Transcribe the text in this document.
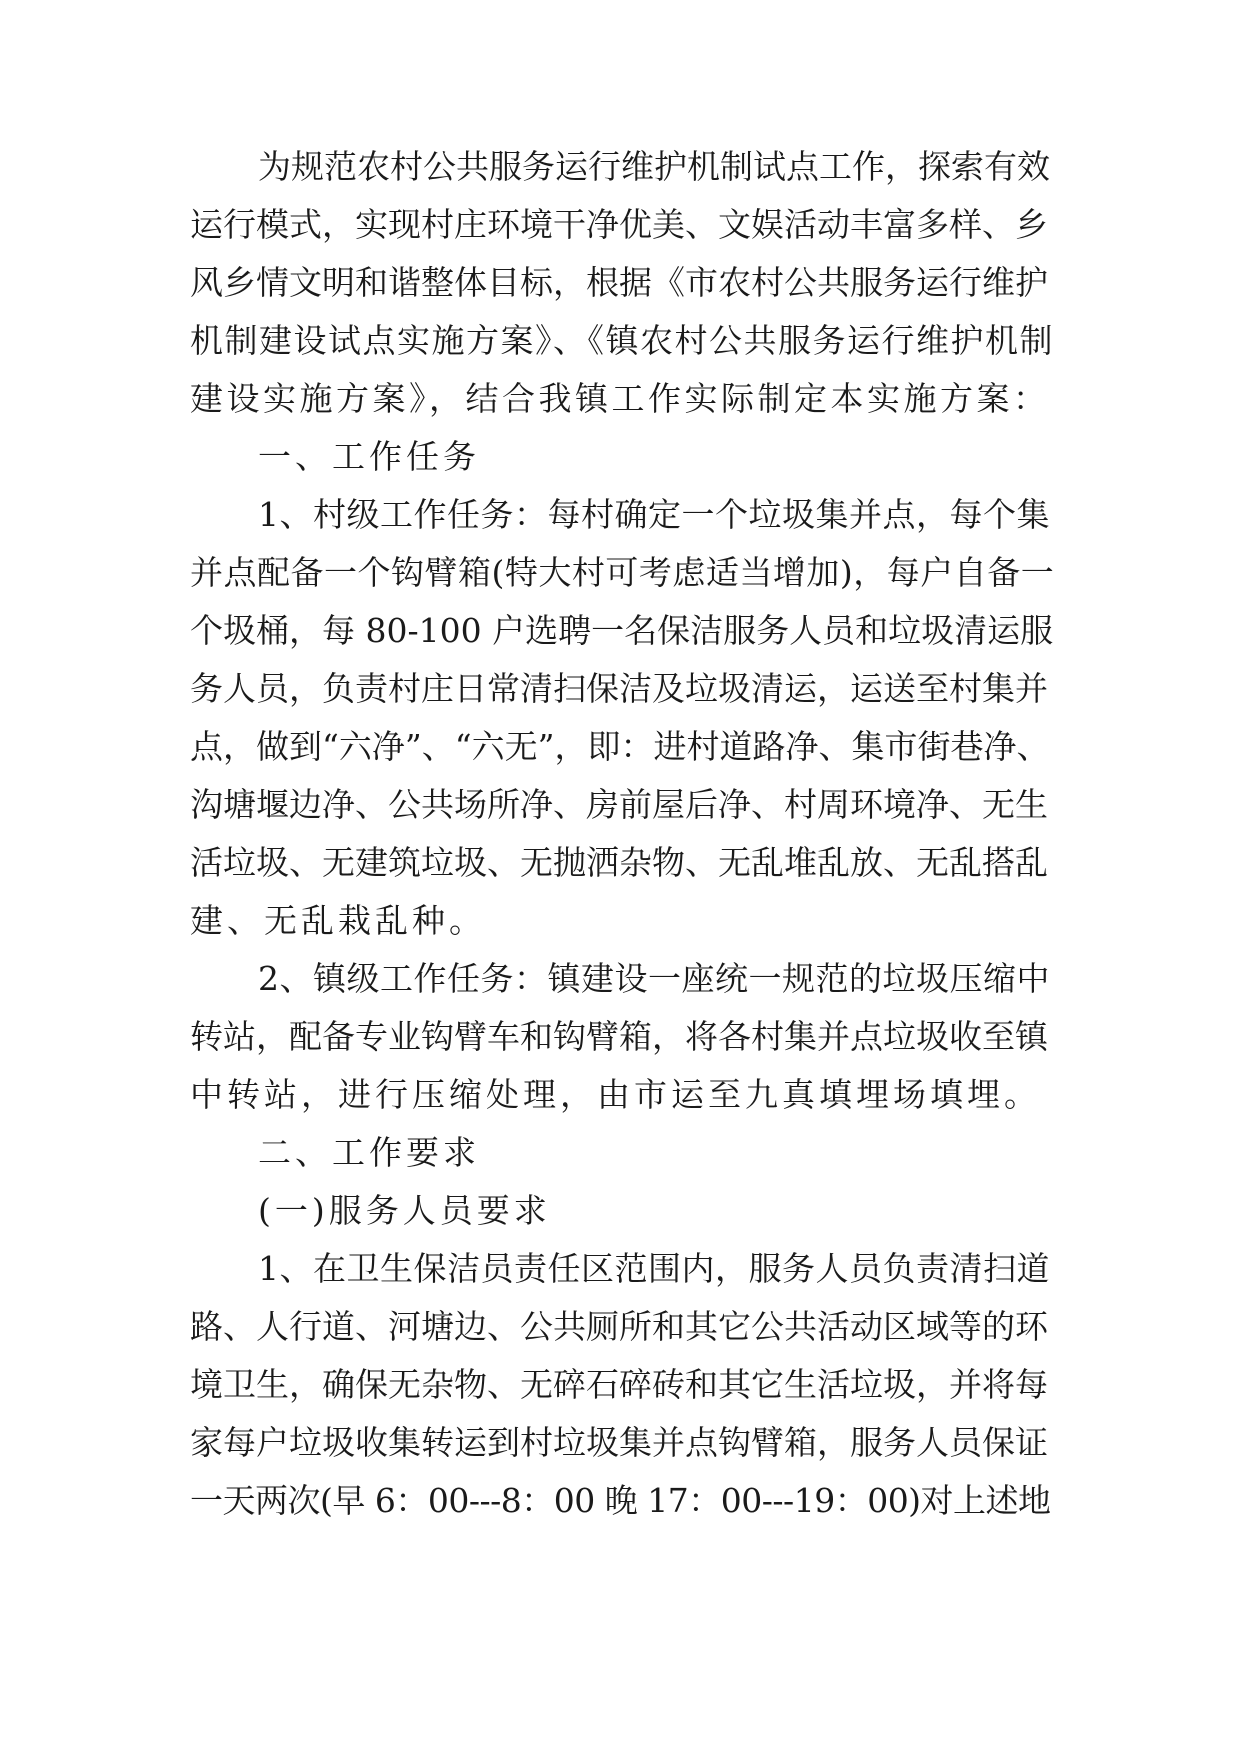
为规范农村公共服务运行维护机制试点工作，探索有效
运行模式，实现村庄环境干净优美、文娱活动丰富多样、乡
风乡情文明和谐整体目标，根据《市农村公共服务运行维护
机制建设试点实施方案》、《镇农村公共服务运行维护机制
建设实施方案》，结合我镇工作实际制定本实施方案：
一、工作任务
1、村级工作任务：每村确定一个垃圾集并点，每个集
并点配备一个钩臂箱(特大村可考虑适当增加)，每户自备一
个圾桶，每 80-100 户选聘一名保洁服务人员和垃圾清运服
务人员，负责村庄日常清扫保洁及垃圾清运，运送至村集并
点，做到“六净”、“六无”，即：进村道路净、集市街巷净、
沟塘堰边净、公共场所净、房前屋后净、村周环境净、无生
活垃圾、无建筑垃圾、无抛洒杂物、无乱堆乱放、无乱搭乱
建、无乱栽乱种。
2、镇级工作任务：镇建设一座统一规范的垃圾压缩中
转站，配备专业钩臂车和钩臂箱，将各村集并点垃圾收至镇
中转站，进行压缩处理，由市运至九真填埋场填埋。
二、工作要求
(一)服务人员要求
1、在卫生保洁员责任区范围内，服务人员负责清扫道
路、人行道、河塘边、公共厕所和其它公共活动区域等的环
境卫生，确保无杂物、无碎石碎砖和其它生活垃圾，并将每
家每户垃圾收集转运到村垃圾集并点钩臂箱，服务人员保证
一天两次(早 6：00---8：00 晚 17：00---19：00)对上述地
